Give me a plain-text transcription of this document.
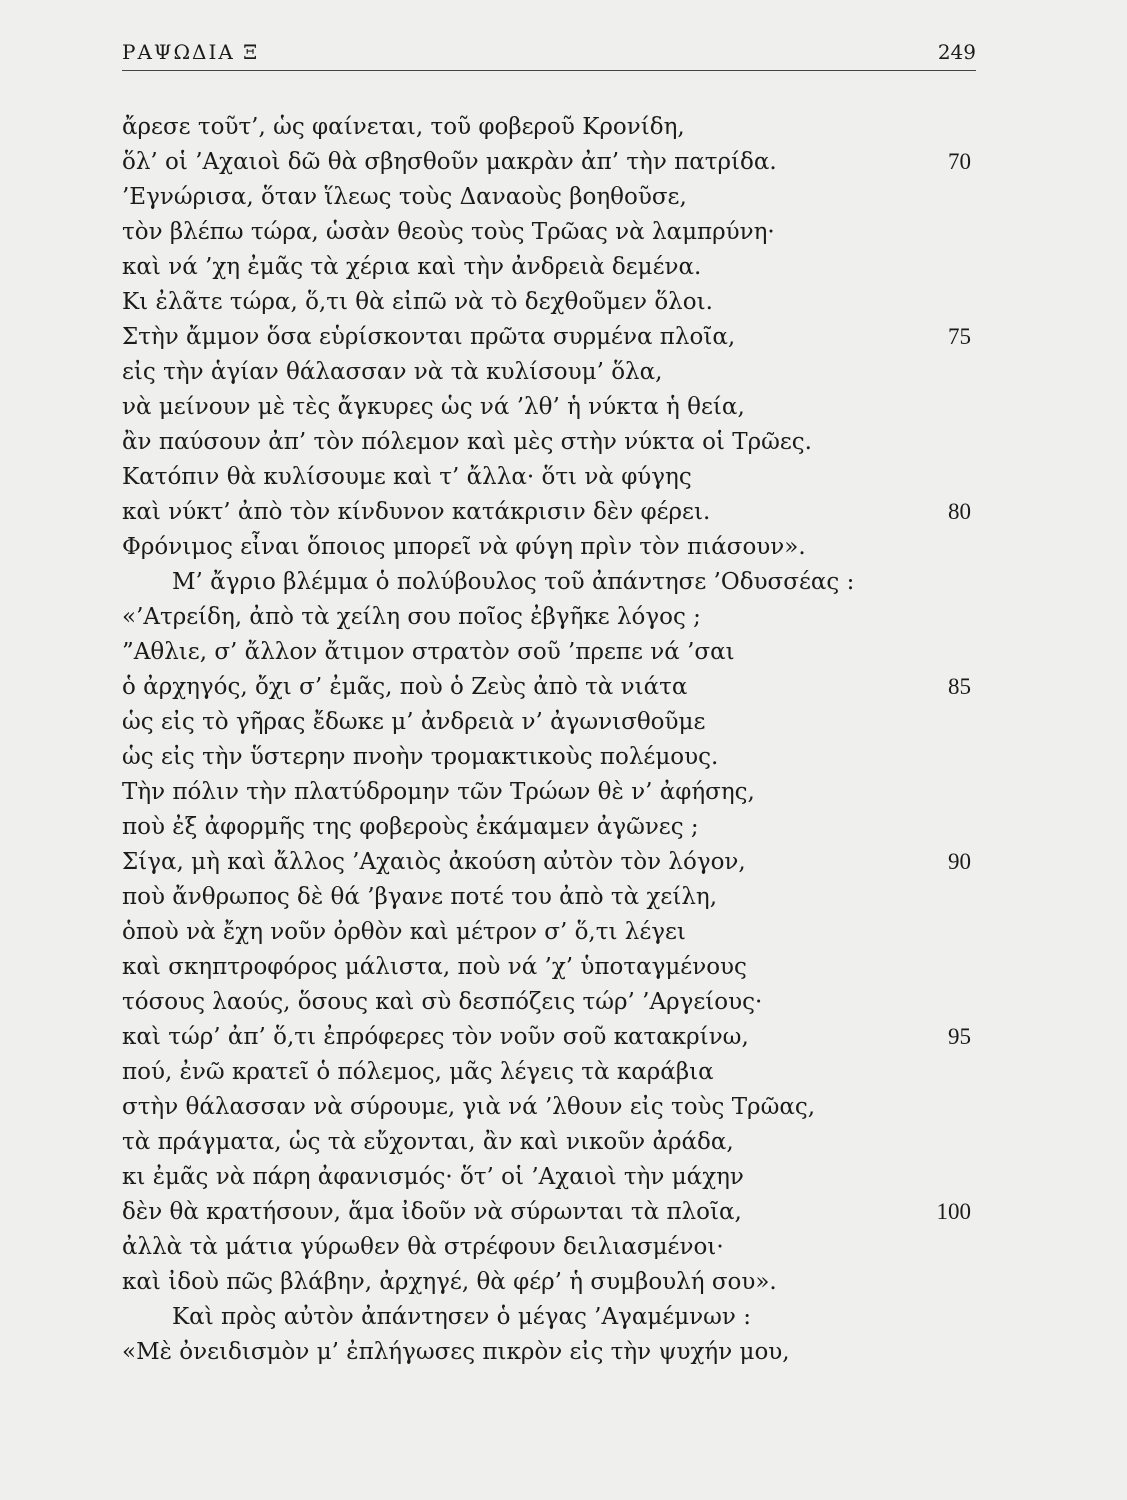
ΡΑΨΩΔΙΑ Ξ	249
ἄρεσε τοῦτ’, ὡς φαίνεται, τοῦ φοβεροῦ Κρονίδη,
ὅλ’ οἱ ’Αχαιοὶ δῶ θὰ σβησθοῦν μακρὰν ἀπ’ τὴν πατρίδα.	70
’Εγνώρισα, ὅταν ἵλεως τοὺς Δαναοὺς βοηθοῦσε,
τὸν βλέπω τώρα, ὡσὰν θεοὺς τοὺς Τρῶας νὰ λαμπρύνη·
καὶ νά ’χη ἐμᾶς τὰ χέρια καὶ τὴν ἀνδρειὰ δεμένα.
Κι ἐλᾶτε τώρα, ὅ,τι θὰ εἰπῶ νὰ τὸ δεχθοῦμεν ὅλοι.
Στὴν ἄμμον ὅσα εὑρίσκονται πρῶτα συρμένα πλοῖα,	75
εἰς τὴν ἁγίαν θάλασσαν νὰ τὰ κυλίσουμ’ ὅλα,
νὰ μείνουν μὲ τὲς ἄγκυρες ὡς νά ’λθ’ ἡ νύκτα ἡ θεία,
ἂν παύσουν ἀπ’ τὸν πόλεμον καὶ μὲς στὴν νύκτα οἱ Τρῶες.
Κατόπιν θὰ κυλίσουμε καὶ τ’ ἄλλα· ὅτι νὰ φύγης
καὶ νύκτ’ ἀπὸ τὸν κίνδυνον κατάκρισιν δὲν φέρει.	80
Φρόνιμος εἶναι ὅποιος μπορεῖ νὰ φύγη πρὶν τὸν πιάσουν».
Μ’ ἄγριο βλέμμα ὁ πολύβουλος τοῦ ἀπάντησε ’Οδυσσέας :
«’Ατρείδη, ἀπὸ τὰ χείλη σου ποῖος ἐβγῆκε λόγος ;
”Αθλιε, σ’ ἄλλον ἄτιμον στρατὸν σοῦ ’πρεπε νά ’σαι
ὁ ἀρχηγός, ὄχι σ’ ἐμᾶς, ποὺ ὁ Ζεὺς ἀπὸ τὰ νιάτα	85
ὡς εἰς τὸ γῆρας ἔδωκε μ’ ἀνδρειὰ ν’ ἀγωνισθοῦμε
ὡς εἰς τὴν ὕστερην πνοὴν τρομακτικοὺς πολέμους.
Τὴν πόλιν τὴν πλατύδρομην τῶν Τρώων θὲ ν’ ἀφήσης,
ποὺ ἐξ ἀφορμῆς της φοβεροὺς ἐκάμαμεν ἀγῶνες ;
Σίγα, μὴ καὶ ἄλλος ’Αχαιὸς ἀκούση αὐτὸν τὸν λόγον,	90
ποὺ ἄνθρωπος δὲ θά ’βγανε ποτέ του ἀπὸ τὰ χείλη,
ὁποὺ νὰ ἔχη νοῦν ὀρθὸν καὶ μέτρον σ’ ὅ,τι λέγει
καὶ σκηπτροφόρος μάλιστα, ποὺ νά ’χ’ ὑποταγμένους
τόσους λαούς, ὅσους καὶ σὺ δεσπόζεις τώρ’ ’Αργείους·
καὶ τώρ’ ἀπ’ ὅ,τι ἐπρόφερες τὸν νοῦν σοῦ κατακρίνω,	95
πού, ἐνῶ κρατεῖ ὁ πόλεμος, μᾶς λέγεις τὰ καράβια
στὴν θάλασσαν νὰ σύρουμε, γιὰ νά ’λθουν εἰς τοὺς Τρῶας,
τὰ πράγματα, ὡς τὰ εὔχονται, ἂν καὶ νικοῦν ἀράδα,
κι ἐμᾶς νὰ πάρη ἀφανισμός· ὅτ’ οἱ ’Αχαιοὶ τὴν μάχην
δὲν θὰ κρατήσουν, ἅμα ἰδοῦν νὰ σύρωνται τὰ πλοῖα,	100
ἀλλὰ τὰ μάτια γύρωθεν θὰ στρέφουν δειλιασμένοι·
καὶ ἰδοὺ πῶς βλάβην, ἀρχηγέ, θὰ φέρ’ ἡ συμβουλή σου».
Καὶ πρὸς αὐτὸν ἀπάντησεν ὁ μέγας ’Αγαμέμνων :
«Μὲ ὀνειδισμὸν μ’ ἐπλήγωσες πικρὸν εἰς τὴν ψυχήν μου,
